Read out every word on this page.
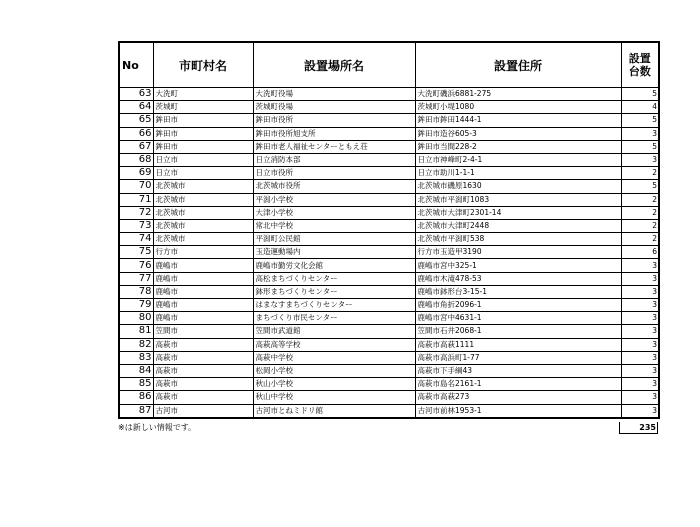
No	市町村名	設置場所名	設置住所	設置
台数
63	大洗町	大洗町役場	大洗町磯浜6881-275	5
64	茨城町	茨城町役場	茨城町小堤1080	4
65	鉾田市	鉾田市役所	鉾田市鉾田1444-1	5
66	鉾田市	鉾田市役所旭支所	鉾田市造谷605-3	3
67	鉾田市	鉾田市老人福祉センターともえ荘	鉾田市当間228-2	5
68	日立市	日立消防本部	日立市神峰町2-4-1	3
69	日立市	日立市役所	日立市助川1-1-1	2
70	北茨城市	北茨城市役所	北茨城市磯原1630	5
71	北茨城市	平潟小学校	北茨城市平潟町1083	2
72	北茨城市	大津小学校	北茨城市大津町2301-14	2
73	北茨城市	常北中学校	北茨城市大津町2448	2
74	北茨城市	平潟町公民館	北茨城市平潟町538	2
75	行方市	玉造運動場内	行方市玉造甲3190	6
76	鹿嶋市	鹿嶋市勤労文化会館	鹿嶋市宮中325-1	3
77	鹿嶋市	高松まちづくりセンター	鹿嶋市木滝478-53	3
78	鹿嶋市	鉢形まちづくりセンター	鹿嶋市鉢形台3-15-1	3
79	鹿嶋市	はまなすまちづくりセンター	鹿嶋市角折2096-1	3
80	鹿嶋市	まちづくり市民センター	鹿嶋市宮中4631-1	3
81	笠間市	笠間市武道館	笠間市石井2068-1	3
82	高萩市	高萩高等学校	高萩市高萩1111	3
83	高萩市	高萩中学校	高萩市高浜町1-77	3
84	高萩市	松岡小学校	高萩市下手綱43	3
85	高萩市	秋山小学校	高萩市島名2161-1	3
86	高萩市	秋山中学校	高萩市高萩273	3
87	古河市	古河市とねミドリ館	古河市前林1953-1	3
※は新しい情報です。	235
